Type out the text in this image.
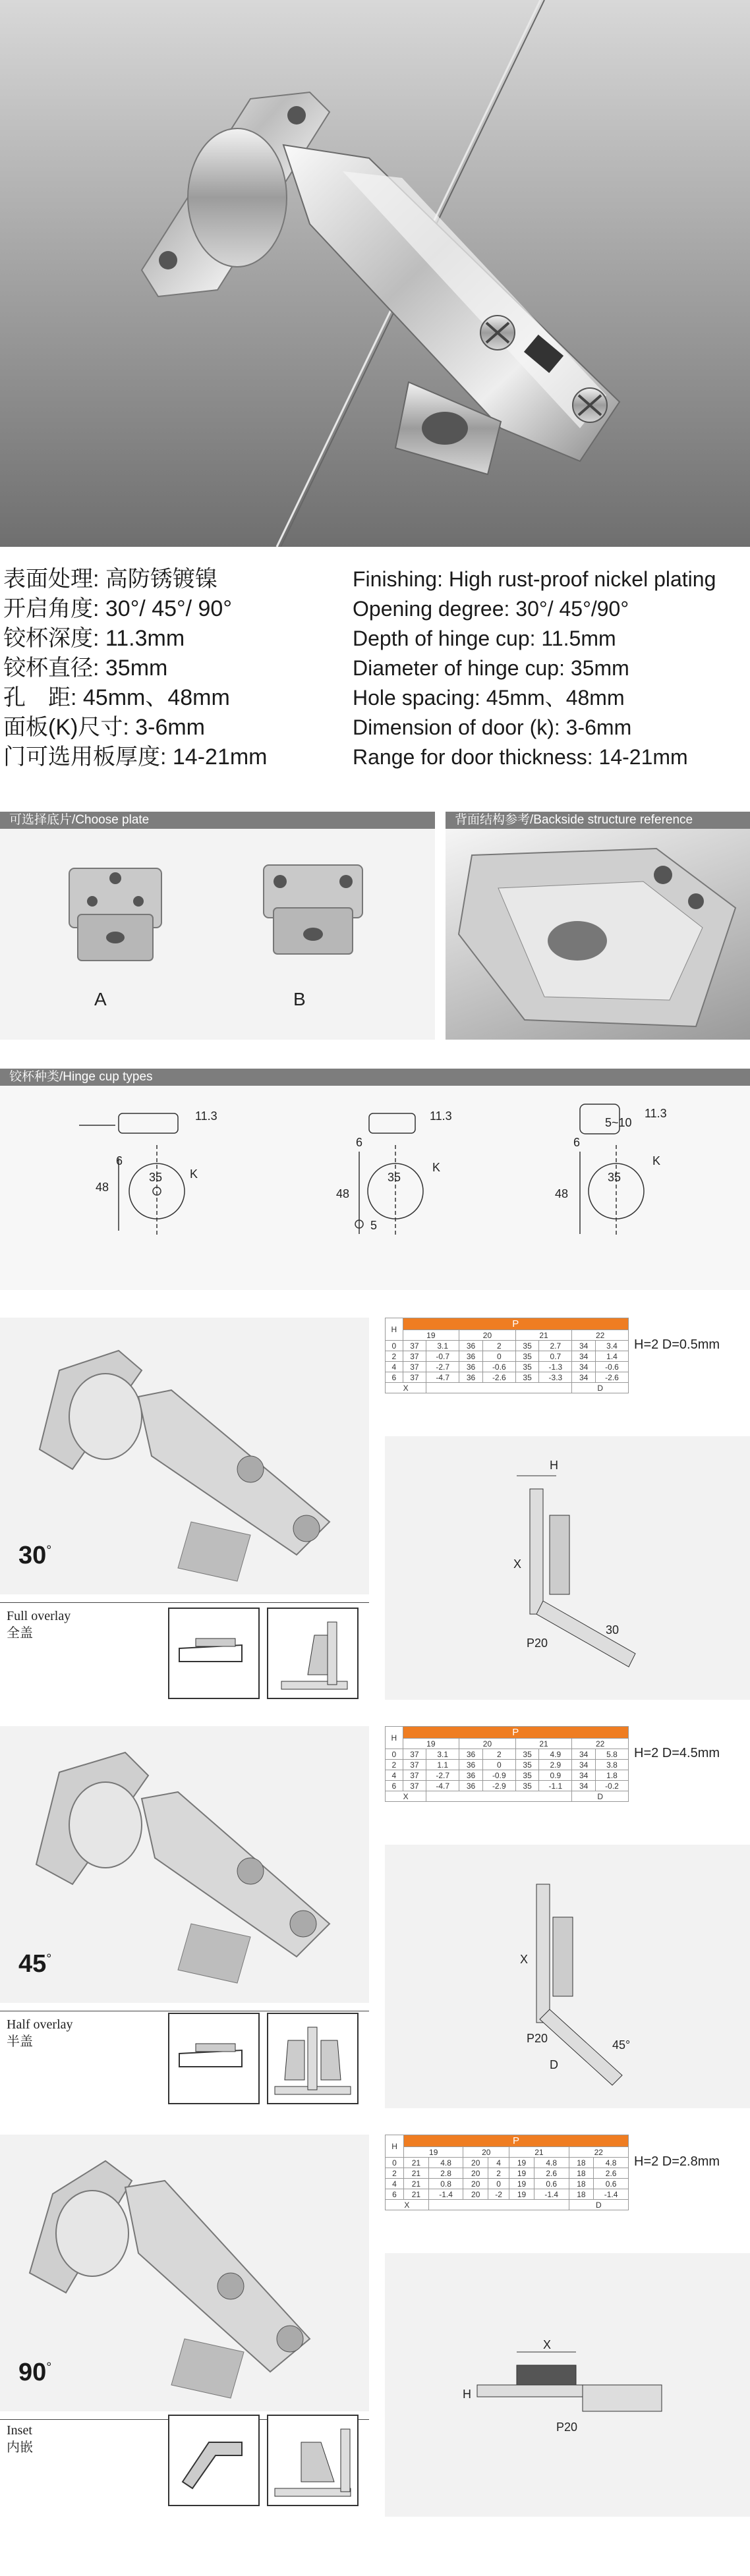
表面处理: 高防锈镀镍
开启角度: 30°/ 45°/ 90°
铰杯深度: 11.3mm
铰杯直径: 35mm
孔　距: 45mm、48mm
面板(K)尺寸: 3-6mm
门可选用板厚度: 14-21mm
Finishing: High rust-proof nickel plating
Opening degree: 30°/ 45°/90°
Depth of hinge cup: 11.5mm
Diameter of hinge cup: 35mm
Hole spacing: 45mm、48mm
Dimension of door (k): 3-6mm
Range for door thickness: 14-21mm
可选择底片/Choose plate
A	B
背面结构参考/Backside structure reference
铰杯种类/Hinge cup types
11.3
6
48
35 K
11.3
6
48
35
K
5
11.3
5~10
6
48
35
K
30°
Full overlay
全盖
H	P							
	19		20		21		22	
0	37	3.1	36	2	35	2.7	34	3.4
2	37	-0.7	36	0	35	0.7	34	1.4
4	37	-2.7	36	-0.6	35	-1.3	34	-0.6
6	37	-4.7	36	-2.6	35	-3.3	34	-2.6
X							D	
H=2 D=0.5mm
H
X
P20
30
45°
Half overlay
半盖
H	P							
	19		20		21		22	
0	37	3.1	36	2	35	4.9	34	5.8
2	37	1.1	36	0	35	2.9	34	3.8
4	37	-2.7	36	-0.9	35	0.9	34	1.8
6	37	-4.7	36	-2.9	35	-1.1	34	-0.2
X							D	
H=2 D=4.5mm
X
P20
D
45°
90°
Inset
内嵌
H	P							
	19		20		21		22	
0	21	4.8	20	4	19	4.8	18	4.8
2	21	2.8	20	2	19	2.6	18	2.6
4	21	0.8	20	0	19	0.6	18	0.6
6	21	-1.4	20	-2	19	-1.4	18	-1.4
X							D	
H=2 D=2.8mm
X
H
P20
